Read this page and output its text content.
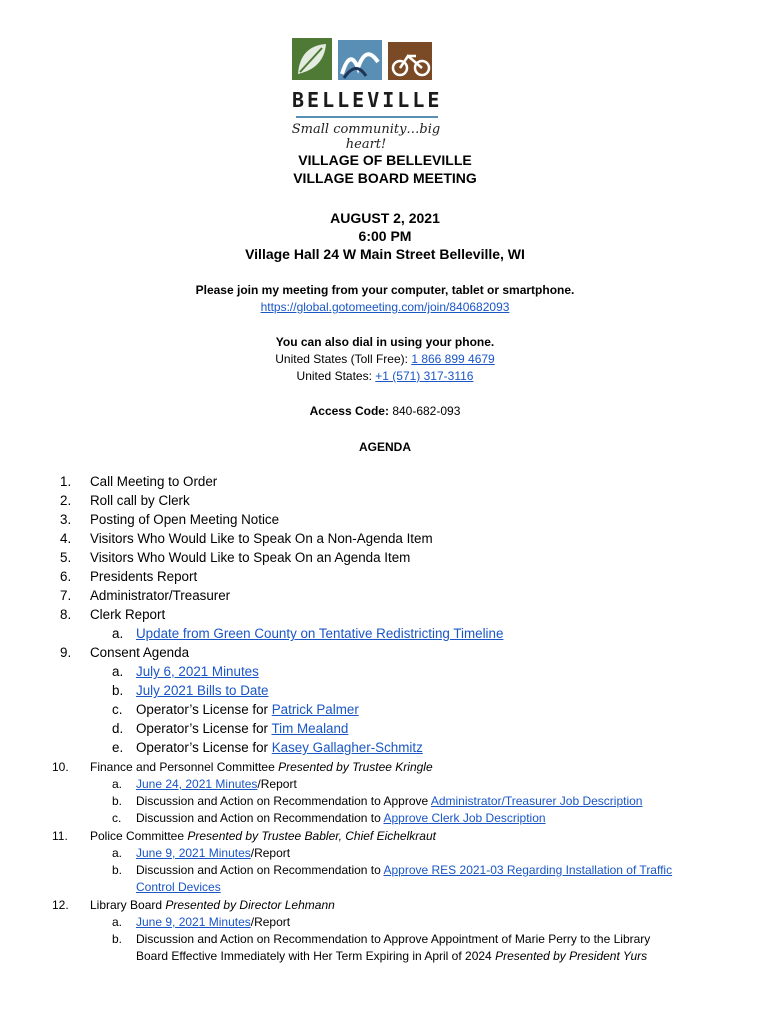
BELLEVILLE
Small community…big heart!
VILLAGE OF BELLEVILLE
VILLAGE BOARD MEETING
AUGUST 2, 2021
6:00 PM
Village Hall 24 W Main Street Belleville, WI
Please join my meeting from your computer, tablet or smartphone.
https://global.gotomeeting.com/join/840682093
You can also dial in using your phone.
United States (Toll Free): 1 866 899 4679
United States: +1 (571) 317-3116
Access Code: 840-682-093
AGENDA
1.	Call Meeting to Order
2.	Roll call by Clerk
3.	Posting of Open Meeting Notice
4.	Visitors Who Would Like to Speak On a Non-Agenda Item
5.	Visitors Who Would Like to Speak On an Agenda Item
6.	Presidents Report
7.	Administrator/Treasurer
8.	Clerk Report
a. Update from Green County on Tentative Redistricting Timeline
9.	Consent Agenda
a. July 6, 2021 Minutes
b. July 2021 Bills to Date
c.	Operator’s License for Patrick Palmer
d. Operator’s License for Tim Mealand
e. Operator’s License for Kasey Gallagher-Schmitz
10.	Finance and Personnel Committee Presented by Trustee Kringle
a.	June 24, 2021 Minutes/Report
b.	Discussion and Action on Recommendation to Approve Administrator/Treasurer Job Description
c.	Discussion and Action on Recommendation to Approve Clerk Job Description
11.	Police Committee Presented by Trustee Babler, Chief Eichelkraut
a.	June 9, 2021 Minutes/Report
b.	Discussion and Action on Recommendation to Approve RES 2021-03 Regarding Installation of Traffic
Control Devices
12.	Library Board Presented by Director Lehmann
a.	June 9, 2021 Minutes/Report
b.	Discussion and Action on Recommendation to Approve Appointment of Marie Perry to the Library
Board Effective Immediately with Her Term Expiring in April of 2024 Presented by President Yurs
